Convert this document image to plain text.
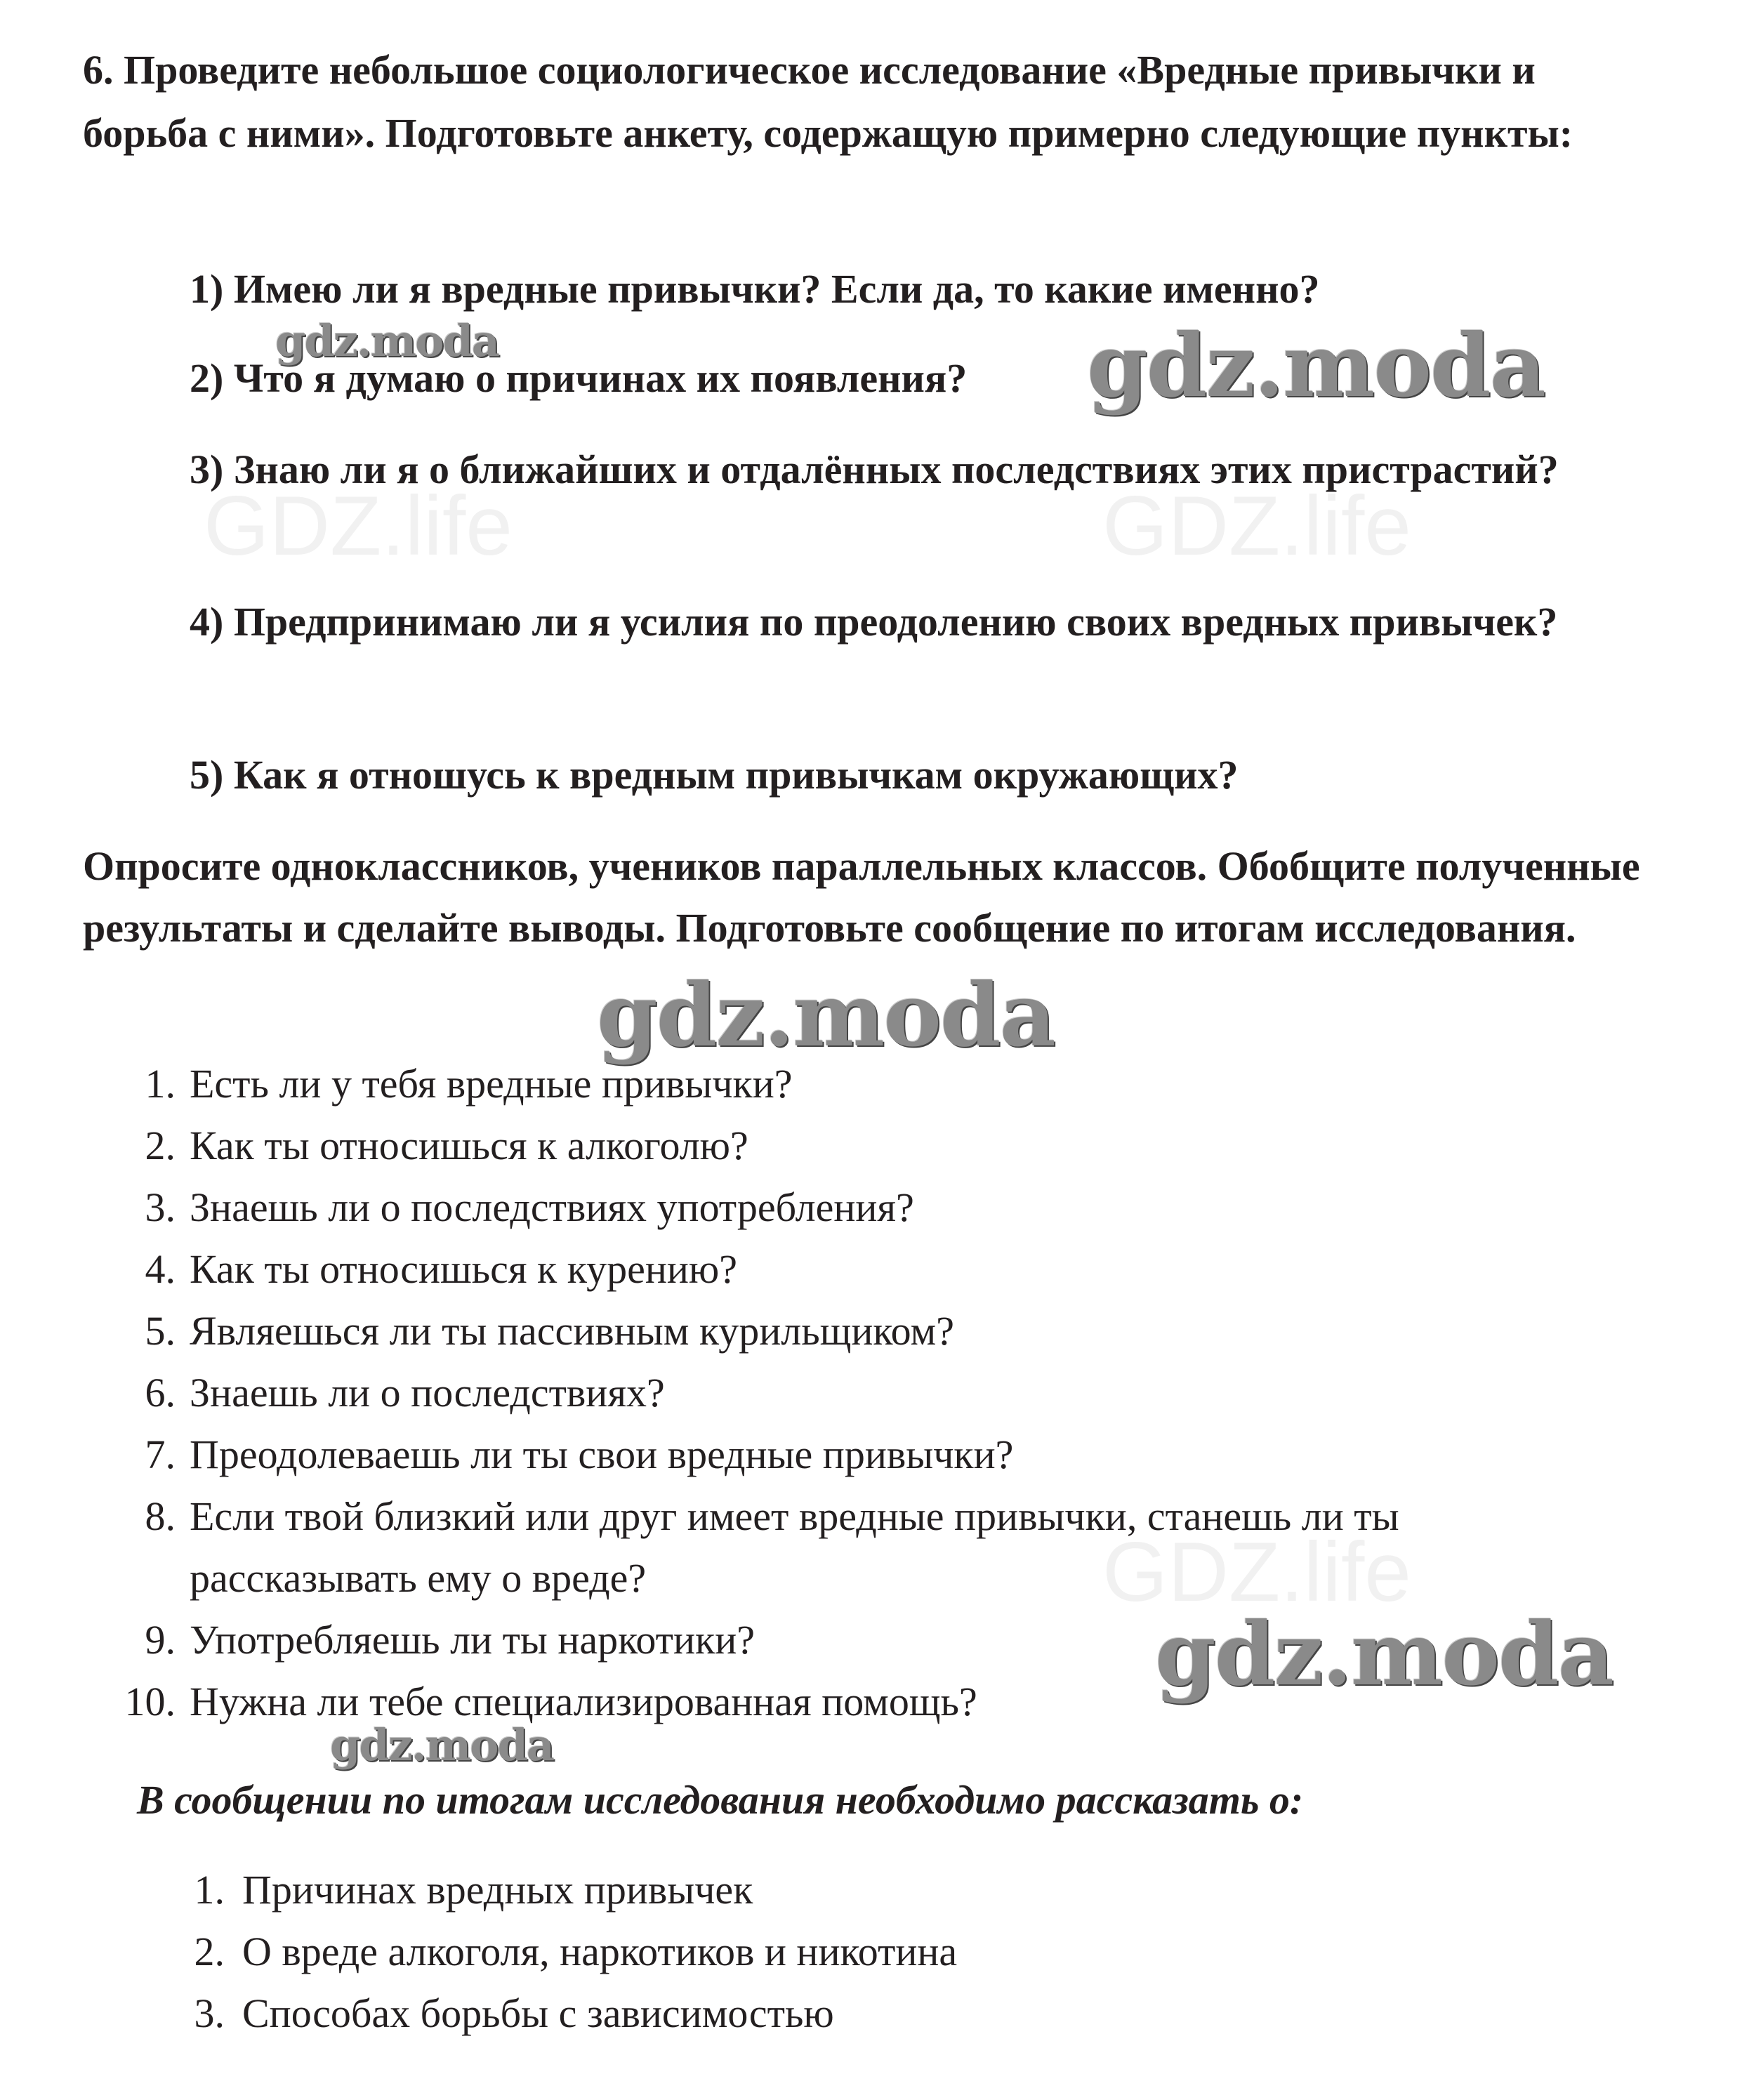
6. Проведите небольшое социологическое исследование «Вредные привычки и борьба с ними». Подготовьте анкету, содержащую примерно следующие пункты:

1) Имею ли я вредные привычки? Если да, то какие именно?

2) Что я думаю о причинах их появления?

3) Знаю ли я о ближайших и отдалённых последствиях этих пристрастий?

4) Предпринимаю ли я усилия по преодолению своих вредных привычек?

5) Как я отношусь к вредным привычкам окружающих?

Опросите одноклассников, учеников параллельных классов. Обобщите полученные результаты и сделайте выводы. Подготовьте сообщение по итогам исследования.

1. Есть ли у тебя вредные привычки?
2. Как ты относишься к алкоголю?
3. Знаешь ли о последствиях употребления?
4. Как ты относишься к курению?
5. Являешься ли ты пассивным курильщиком?
6. Знаешь ли о последствиях?
7. Преодолеваешь ли ты свои вредные привычки?
8. Если твой близкий или друг имеет вредные привычки, станешь ли ты рассказывать ему о вреде?
9. Употребляешь ли ты наркотики?
10. Нужна ли тебе специализированная помощь?

В сообщении по итогам исследования необходимо рассказать о:

1. Причинах вредных привычек
2. О вреде алкоголя, наркотиков и никотина
3. Способах борьбы с зависимостью
GDZ.life	GDZ.life
GDZ.life
gdz.moda	gdz.moda
gdz.moda
gdz.moda
gdz.moda
